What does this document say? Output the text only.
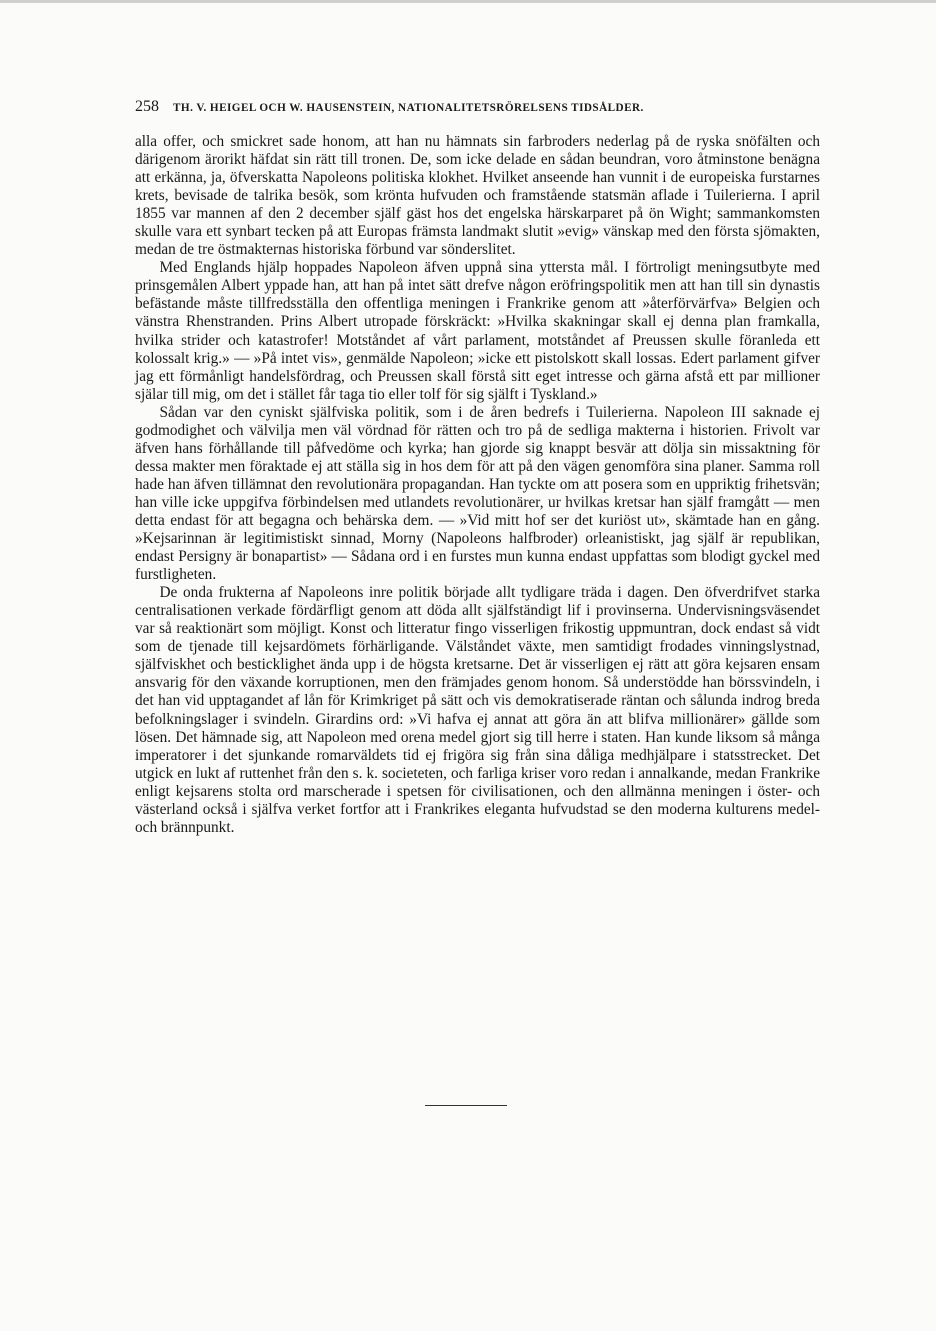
258 TH. V. HEIGEL OCH W. HAUSENSTEIN, NATIONALITETSRÖRELSENS TIDSÅLDER.

alla offer, och smickret sade honom, att han nu hämnats sin farbroders nederlag på de ryska snöfälten och därigenom ärorikt häfdat sin rätt till tronen. De, som icke delade en sådan beundran, voro åtminstone benägna att erkänna, ja, öfverskatta Napoleons politiska klokhet. Hvilket anseende han vunnit i de europeiska furstarnes krets, bevisade de talrika besök, som krönta hufvuden och framstående statsmän aflade i Tuilerierna. I april 1855 var mannen af den 2 december själf gäst hos det engelska härskarparet på ön Wight; sammankomsten skulle vara ett synbart tecken på att Europas främsta landmakt slutit »evig» vänskap med den första sjömakten, medan de tre östmakternas historiska förbund var sönderslitet.

Med Englands hjälp hoppades Napoleon äfven uppnå sina yttersta mål. I förtroligt meningsutbyte med prinsgemålen Albert yppade han, att han på intet sätt drefve någon eröfringspolitik men att han till sin dynastis befästande måste tillfredsställa den offentliga meningen i Frankrike genom att »återförvärfva» Belgien och vänstra Rhenstranden. Prins Albert utropade förskräckt: »Hvilka skakningar skall ej denna plan framkalla, hvilka strider och katastrofer! Motståndet af vårt parlament, motståndet af Preussen skulle föranleda ett kolossalt krig.» — »På intet vis», genmälde Napoleon; »icke ett pistolskott skall lossas. Edert parlament gifver jag ett förmånligt handelsfördrag, och Preussen skall förstå sitt eget intresse och gärna afstå ett par millioner själar till mig, om det i stället får taga tio eller tolf för sig själft i Tyskland.»

Sådan var den cyniskt själfviska politik, som i de åren bedrefs i Tuilerierna. Napoleon III saknade ej godmodighet och välvilja men väl vördnad för rätten och tro på de sedliga makterna i historien. Frivolt var äfven hans förhållande till påfvedöme och kyrka; han gjorde sig knappt besvär att dölja sin missaktning för dessa makter men föraktade ej att ställa sig in hos dem för att på den vägen genomföra sina planer. Samma roll hade han äfven tillämnat den revolutionära propagandan. Han tyckte om att posera som en uppriktig frihetsvän; han ville icke uppgifva förbindelsen med utlandets revolutionärer, ur hvilkas kretsar han själf framgått — men detta endast för att begagna och behärska dem. — »Vid mitt hof ser det kuriöst ut», skämtade han en gång. »Kejsarinnan är legitimistiskt sinnad, Morny (Napoleons halfbroder) orleanistiskt, jag själf är republikan, endast Persigny är bonapartist» — Sådana ord i en furstes mun kunna endast uppfattas som blodigt gyckel med furstligheten.

De onda frukterna af Napoleons inre politik började allt tydligare träda i dagen. Den öfverdrifvet starka centralisationen verkade fördärfligt genom att döda allt själfständigt lif i provinserna. Undervisningsväsendet var så reaktionärt som möjligt. Konst och litteratur fingo visserligen frikostig uppmuntran, dock endast så vidt som de tjenade till kejsardömets förhärligande. Välståndet växte, men samtidigt frodades vinningslystnad, själfviskhet och besticklighet ända upp i de högsta kretsarne. Det är visserligen ej rätt att göra kejsaren ensam ansvarig för den växande korruptionen, men den främjades genom honom. Så understödde han börssvindeln, i det han vid upptagandet af lån för Krimkriget på sätt och vis demokratiserade räntan och sålunda indrog breda befolkningslager i svindeln. Girardins ord: »Vi hafva ej annat att göra än att blifva millionärer» gällde som lösen. Det hämnade sig, att Napoleon med orena medel gjort sig till herre i staten. Han kunde liksom så många imperatorer i det sjunkande romarväldets tid ej frigöra sig från sina dåliga medhjälpare i statsstrecket. Det utgick en lukt af ruttenhet från den s. k. societeten, och farliga kriser voro redan i annalkande, medan Frankrike enligt kejsarens stolta ord marscherade i spetsen för civilisationen, och den allmänna meningen i öster- och västerland också i själfva verket fortfor att i Frankrikes eleganta hufvudstad se den moderna kulturens medel- och brännpunkt.
